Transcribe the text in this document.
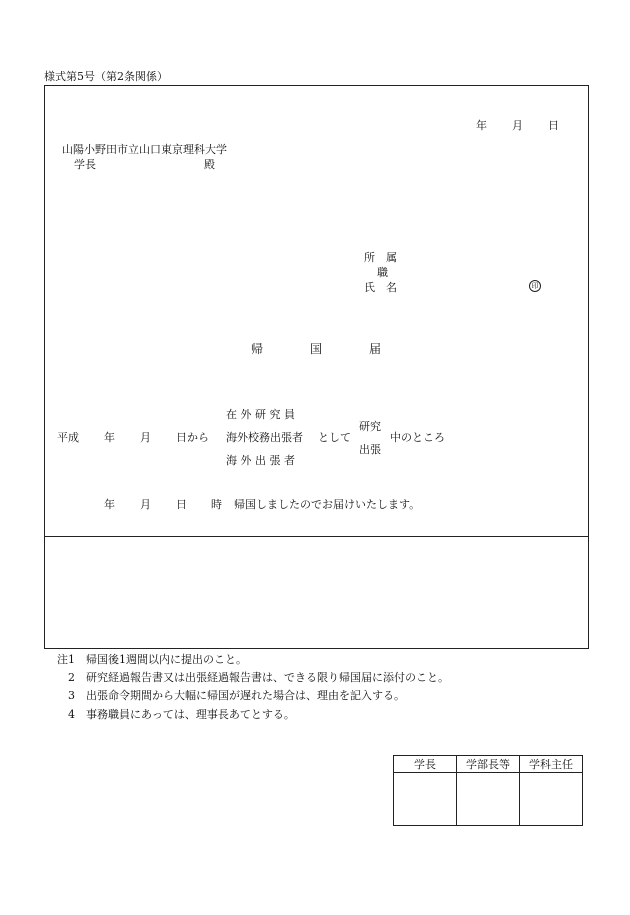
様式第5号（第2条関係）
年 月 日
山陽小野田市立山口東京理科大学
学長	殿
所　属
職
氏　名	印
帰	国	届
在 外 研 究 員
海外校務出張者
海 外 出 張 者
平成 年 月 日から	として
研究
出張
中のところ
年 月 日 時 帰国しましたのでお届けいたします。
注1 帰国後1週間以内に提出のこと。
2 研究経過報告書又は出張経過報告書は、できる限り帰国届に添付のこと。
3 出張命令期間から大幅に帰国が遅れた場合は、理由を記入する。
4 事務職員にあっては、理事長あてとする。
学長	学部長等	学科主任
